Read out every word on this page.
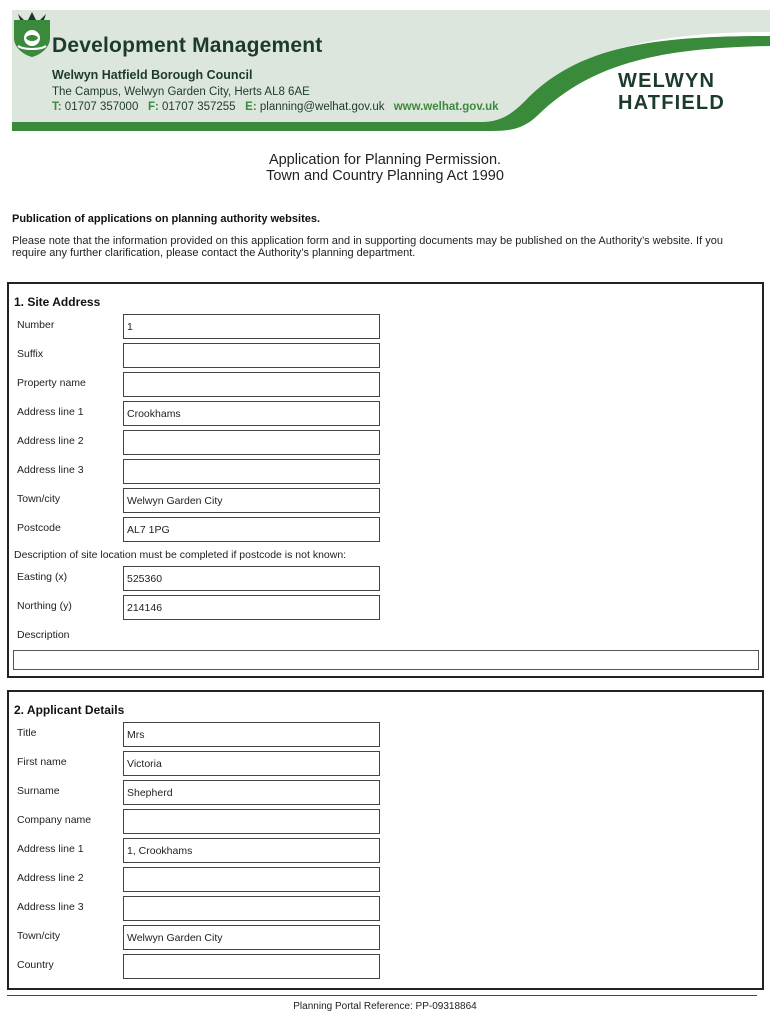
Development Management
Welwyn Hatfield Borough Council
The Campus, Welwyn Garden City, Herts AL8 6AE
T: 01707 357000 F: 01707 357255 E: planning@welhat.gov.uk www.welhat.gov.uk
WELWYN
HATFIELD
Application for Planning Permission.
Town and Country Planning Act 1990
Publication of applications on planning authority websites.
Please note that the information provided on this application form and in supporting documents may be published on the Authority’s website. If you require any further clarification, please contact the Authority’s planning department.
1. Site Address
Number	1
Suffix
Property name
Address line 1	Crookhams
Address line 2
Address line 3
Town/city	Welwyn Garden City
Postcode	AL7 1PG
Description of site location must be completed if postcode is not known:
Easting (x)	525360
Northing (y)	214146
Description
2. Applicant Details
Title	Mrs
First name	Victoria
Surname	Shepherd
Company name
Address line 1	1, Crookhams
Address line 2
Address line 3
Town/city	Welwyn Garden City
Country
Planning Portal Reference: PP-09318864
